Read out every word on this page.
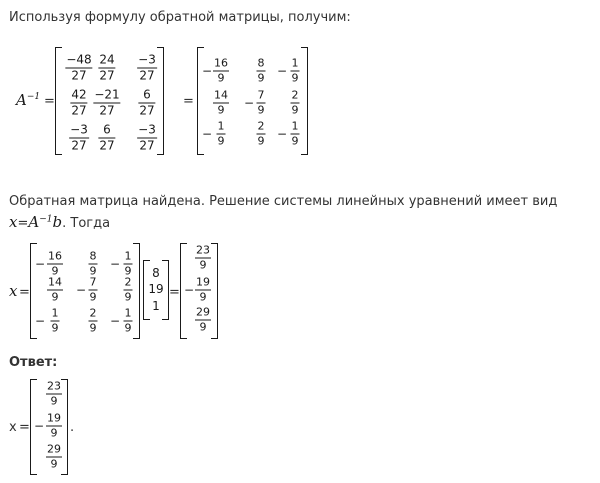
Используя формулу обратной матрицы, получим:
$A^{-1}$ =
−48
27
24
27
−3
27
42
27
−21
27
6
27
−3
27
6
27
−3
27
=
−
16
9
8
9 −
1
9
14
9 −
7
9
2
9
−
1
9
2
9 −
1
9
Обратная матрица найдена. Решение системы линейных уравнений имеет вид
$x=A^{-1}b$. Тогда
x =
−
16
9
8
9 −
1
9
14
9 −
7
9
2
9
−
1
9
2
9 −
1
9
8
19
1
=
23
9
−
19
9
29
9
Ответ:
x =
23
9
−
19
9
29
9
.
